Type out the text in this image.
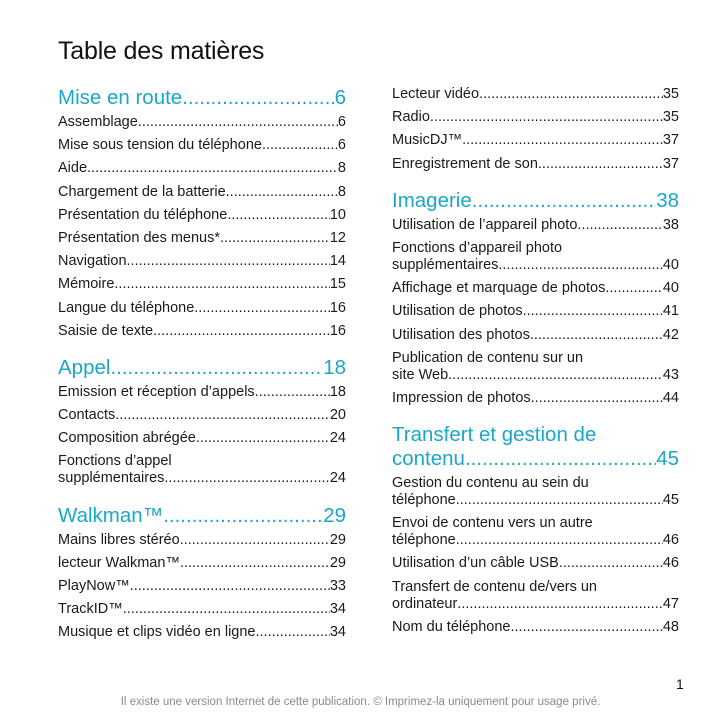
Table des matières
Mise en route .....	6
Assemblage .....	6
Mise sous tension du téléphone .....	6
Aide .....	8
Chargement de la batterie .....	8
Présentation du téléphone .....	10
Présentation des menus* .....	12
Navigation .....	14
Mémoire .....	15
Langue du téléphone .....	16
Saisie de texte .....	16
Appel .....	18
Emission et réception d’appels .....	18
Contacts .....	20
Composition abrégée .....	24
Fonctions d’appel
supplémentaires .....	24
Walkman™ .....	29
Mains libres stéréo .....	29
lecteur Walkman™ .....	29
PlayNow™ .....	33
TrackID™ .....	34
Musique et clips vidéo en ligne .....	34
Lecteur vidéo .....	35
Radio .....	35
MusicDJ™ .....	37
Enregistrement de son .....	37
Imagerie .....	38
Utilisation de l’appareil photo .....	38
Fonctions d’appareil photo
supplémentaires .....	40
Affichage et marquage de photos .....	40
Utilisation de photos .....	41
Utilisation des photos .....	42
Publication de contenu sur un
site Web .....	43
Impression de photos .....	44
Transfert et gestion de
contenu .....	45
Gestion du contenu au sein du
téléphone .....	45
Envoi de contenu vers un autre
téléphone .....	46
Utilisation d’un câble USB .....	46
Transfert de contenu de/vers un
ordinateur .....	47
Nom du téléphone .....	48
1
Il existe une version Internet de cette publication. © Imprimez-la uniquement pour usage privé.
